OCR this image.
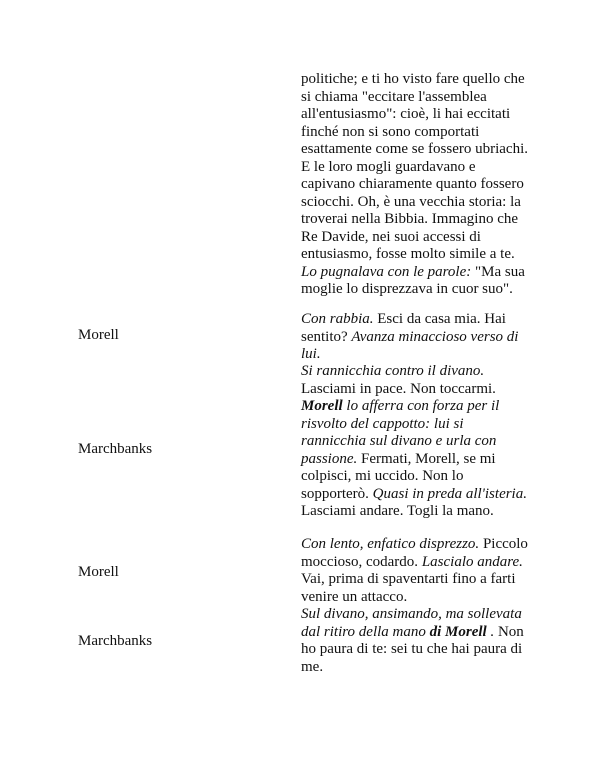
politiche; e ti ho visto fare quello che si chiama "eccitare l'assemblea all'entusiasmo": cioè, li hai eccitati finché non si sono comportati esattamente come se fossero ubriachi. E le loro mogli guardavano e capivano chiaramente quanto fossero sciocchi. Oh, è una vecchia storia: la troverai nella Bibbia. Immagino che Re Davide, nei suoi accessi di entusiasmo, fosse molto simile a te. Lo pugnalava con le parole: "Ma sua moglie lo disprezzava in cuor suo".
Morell
Con rabbia. Esci da casa mia. Hai sentito? Avanza minaccioso verso di lui.
Marchbanks
Si rannicchia contro il divano. Lasciami in pace. Non toccarmi. Morell lo afferra con forza per il risvolto del cappotto: lui si rannicchia sul divano e urla con passione. Fermati, Morell, se mi colpisci, mi uccido. Non lo sopporterò. Quasi in preda all'isteria. Lasciami andare. Togli la mano.
Morell
Con lento, enfatico disprezzo. Piccolo moccioso, codardo. Lascialo andare. Vai, prima di spaventarti fino a farti venire un attacco.
Marchbanks
Sul divano, ansimando, ma sollevata dal ritiro della mano di Morell . Non ho paura di te: sei tu che hai paura di me.
